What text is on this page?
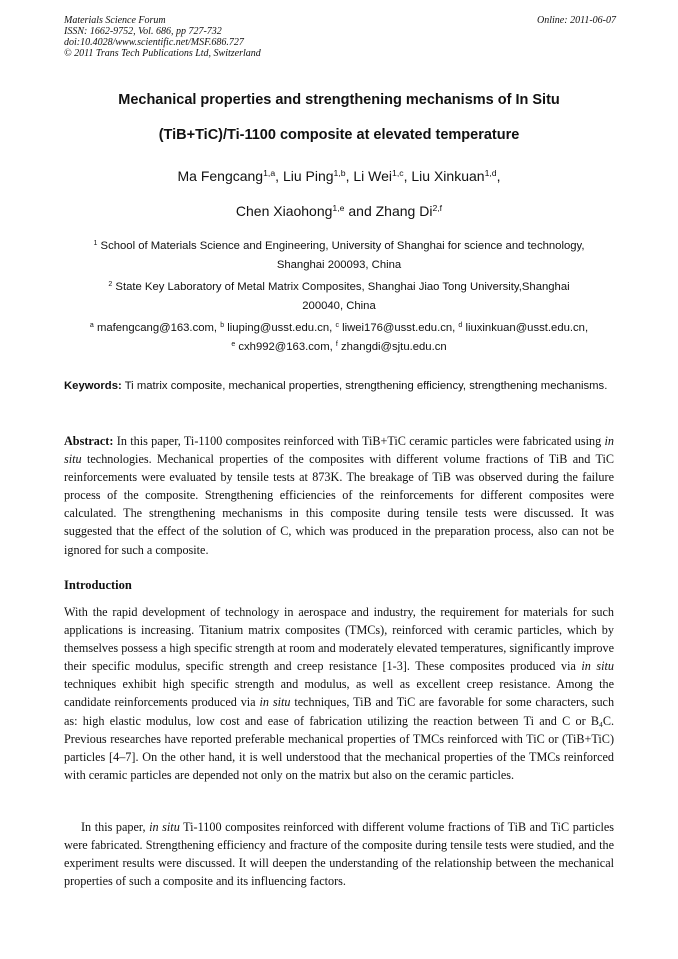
Materials Science Forum
ISSN: 1662-9752, Vol. 686, pp 727-732
doi:10.4028/www.scientific.net/MSF.686.727
© 2011 Trans Tech Publications Ltd, Switzerland
Online: 2011-06-07
Mechanical properties and strengthening mechanisms of In Situ
(TiB+TiC)/Ti-1100 composite at elevated temperature
Ma Fengcang$^{1,a}$, Liu Ping$^{1,b}$, Li Wei$^{1,c}$, Liu Xinkuan$^{1,d}$,
Chen Xiaohong$^{1,e}$ and Zhang Di$^{2,f}$
$^1$ School of Materials Science and Engineering, University of Shanghai for science and technology,
Shanghai 200093, China
$^2$ State Key Laboratory of Metal Matrix Composites, Shanghai Jiao Tong University,Shanghai
200040, China
$^a$ mafengcang@163.com, $^b$ liuping@usst.edu.cn, $^c$ liwei176@usst.edu.cn, $^d$ liuxinkuan@usst.edu.cn,
$^e$ cxh992@163.com, $^f$ zhangdi@sjtu.edu.cn
Keywords: Ti matrix composite, mechanical properties, strengthening efficiency, strengthening mechanisms.
Abstract: In this paper, Ti-1100 composites reinforced with TiB+TiC ceramic particles were fabricated using in situ technologies. Mechanical properties of the composites with different volume fractions of TiB and TiC reinforcements were evaluated by tensile tests at 873K. The breakage of TiB was observed during the failure process of the composite. Strengthening efficiencies of the reinforcements for different composites were calculated. The strengthening mechanisms in this composite during tensile tests were discussed. It was suggested that the effect of the solution of C, which was produced in the preparation process, also can not be ignored for such a composite.
Introduction
With the rapid development of technology in aerospace and industry, the requirement for materials for such applications is increasing. Titanium matrix composites (TMCs), reinforced with ceramic particles, which by themselves possess a high specific strength at room and moderately elevated temperatures, significantly improve their specific modulus, specific strength and creep resistance [1-3]. These composites produced via in situ techniques exhibit high specific strength and modulus, as well as excellent creep resistance. Among the candidate reinforcements produced via in situ techniques, TiB and TiC are favorable for some characters, such as: high elastic modulus, low cost and ease of fabrication utilizing the reaction between Ti and C or $B_4C$. Previous researches have reported preferable mechanical properties of TMCs reinforced with TiC or (TiB+TiC) particles [4–7]. On the other hand, it is well understood that the mechanical properties of the TMCs reinforced with ceramic particles are depended not only on the matrix but also on the ceramic particles.
In this paper, in situ Ti-1100 composites reinforced with different volume fractions of TiB and TiC particles were fabricated. Strengthening efficiency and fracture of the composite during tensile tests were studied, and the experiment results were discussed. It will deepen the understanding of the relationship between the mechanical properties of such a composite and its influencing factors.
